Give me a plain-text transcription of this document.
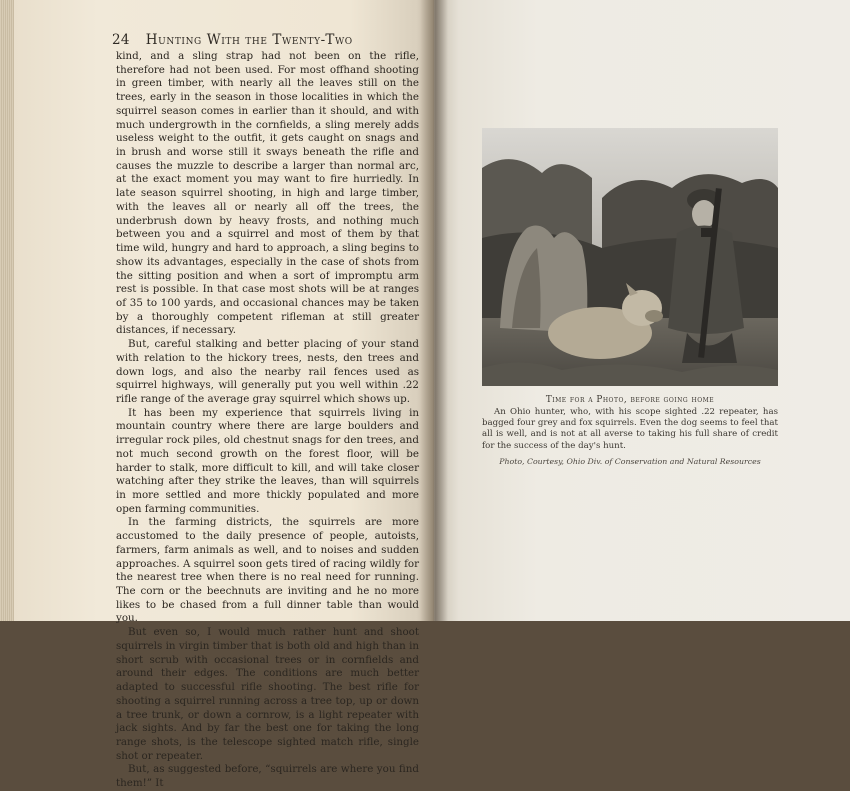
24 Hunting With the Twenty-Two

kind, and a sling strap had not been on the rifle, therefore had not been used. For most offhand shooting in green timber, with nearly all the leaves still on the trees, early in the season in those localities in which the squirrel season comes in earlier than it should, and with much undergrowth in the cornfields, a sling merely adds useless weight to the outfit, it gets caught on snags and in brush and worse still it sways beneath the rifle and causes the muzzle to describe a larger than normal arc, at the exact moment you may want to fire hurriedly. In late season squirrel shooting, in high and large timber, with the leaves all or nearly all off the trees, the underbrush down by heavy frosts, and nothing much between you and a squirrel and most of them by that time wild, hungry and hard to approach, a sling begins to show its advantages, especially in the case of shots from the sitting position and when a sort of impromptu arm rest is possible. In that case most shots will be at ranges of 35 to 100 yards, and occasional chances may be taken by a thoroughly competent rifleman at still greater distances, if necessary.

But, careful stalking and better placing of your stand with relation to the hickory trees, nests, den trees and down logs, and also the nearby rail fences used as squirrel highways, will generally put you well within .22 rifle range of the average gray squirrel which shows up.

It has been my experience that squirrels living in mountain country where there are large boulders and irregular rock piles, old chestnut snags for den trees, and not much second growth on the forest floor, will be harder to stalk, more difficult to kill, and will take closer watching after they strike the leaves, than will squirrels in more settled and more thickly populated and more open farming communities.

In the farming districts, the squirrels are more accustomed to the daily presence of people, autoists, farmers, farm animals as well, and to noises and sudden approaches. A squirrel soon gets tired of racing wildly for the nearest tree when there is no real need for running. The corn or the beechnuts are inviting and he no more likes to be chased from a full dinner table than would you.

But even so, I would much rather hunt and shoot squirrels in virgin timber that is both old and high than in short scrub with occasional trees or in cornfields and around their edges. The conditions are much better adapted to successful rifle shooting. The best rifle for shooting a squirrel running across a tree top, up or down a tree trunk, or down a cornrow, is a light repeater with jack sights. And by far the best one for taking the long range shots, is the telescope sighted match rifle, single shot or repeater.

But, as suggested before, “squirrels are where you find them!” It

Time for a Photo, before going home
An Ohio hunter, who, with his scope sighted .22 repeater, has bagged four grey and fox squirrels. Even the dog seems to feel that all is well, and is not at all averse to taking his full share of credit for the success of the day's hunt.
Photo, Courtesy, Ohio Div. of Conservation and Natural Resources
